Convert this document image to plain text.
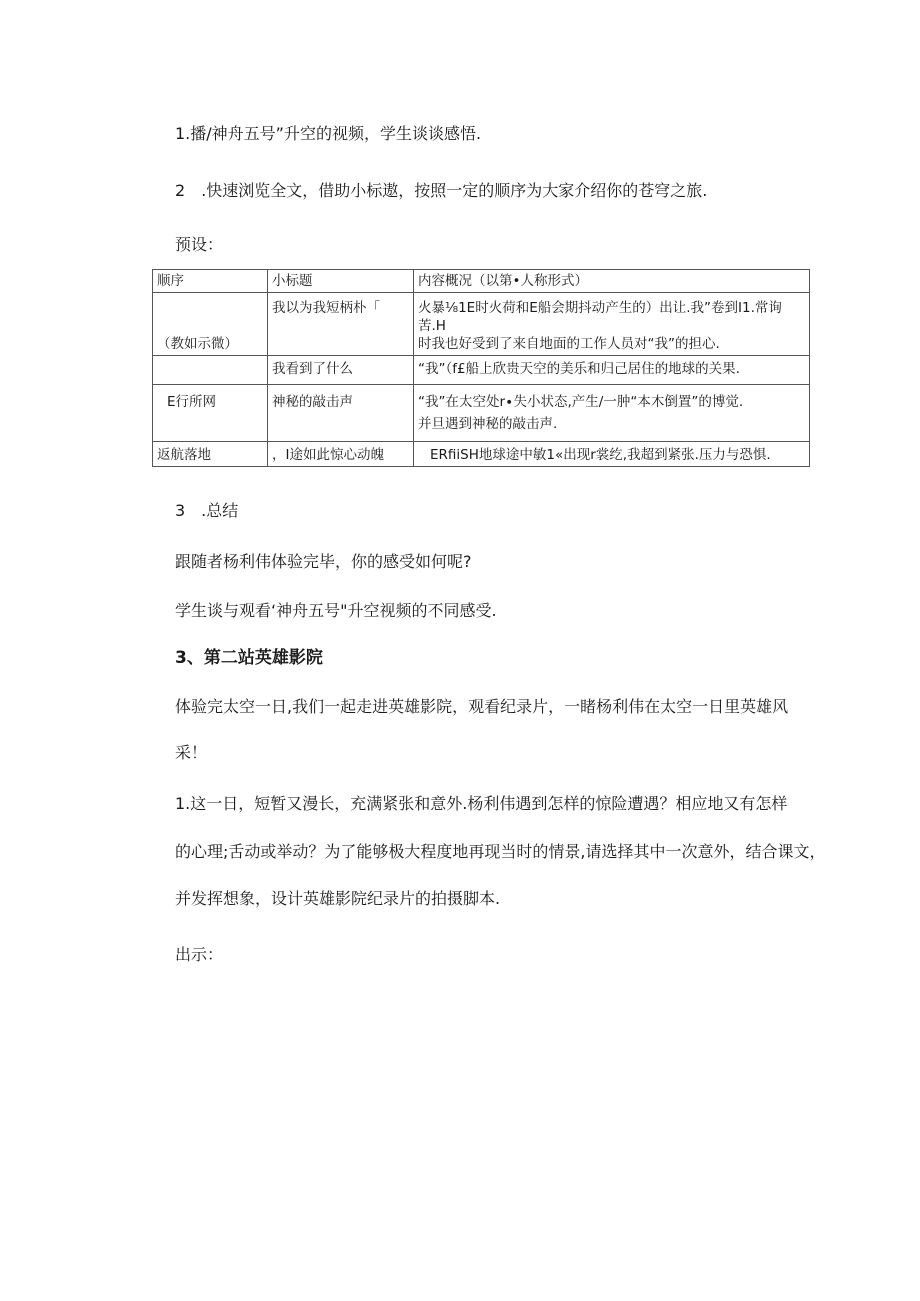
1.播/神舟五号”升空的视频，学生谈谈感悟.
2　.快速浏览全文，借助小标遨，按照一定的顺序为大家介绍你的苍穹之旅.
预设：
顺序	小标题	内容概况（以第•人称形式）
（教如示微）	我以为我短柄朴「	火暴⅛1E时火荷和E船会期抖动产生的）出让.我”卷到I1.常询苦.H
时我也好受到了来自地面的工作人员对“我”的担心.

	我看到了什么	“我”（f£船上欣贵天空的美乐和归己居住的地球的关果.

E行所网	神秘的敲击声	“我”在太空处r∙失小状态,产生/一肿“本木倒置”的博觉.
并旦遇到神秘的敲击声.

返航落地	，I途如此惊心动魄	ERfiiSH地球途中敏1«出现r裳纥,我超到紧张.压力与恐惧.
3　.总结
跟随者杨利伟体验完毕，你的感受如何呢?
学生谈与观看‘神舟五号"升空视频的不同感受.
3、第二站英雄影院
体验完太空一日,我们一起走进英雄影院，观看纪录片，一睹杨利伟在太空一日里英雄风
采！
1.这一日，短暂又漫长，充满紧张和意外.杨利伟遇到怎样的惊险遭遇？相应地又有怎样
的心理;舌动或举动？为了能够极大程度地再现当时的情景,请选择其中一次意外，结合课文，
并发挥想象，设计英雄影院纪录片的拍摄脚本.
出示：
